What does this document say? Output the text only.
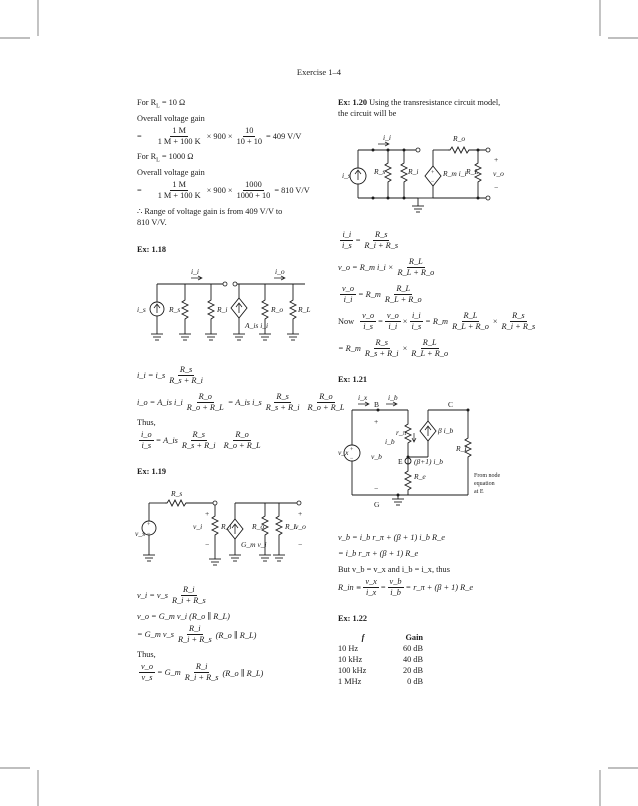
Exercise 1–4
For $R_L = 10$ Ω
Overall voltage gain
= $\frac{1 M}{1 M + 100 K} \times 900 \times \frac{10}{10 + 10} = 409$ V/V
For $R_L = 1000$ Ω
Overall voltage gain
= $\frac{1 M}{1 M + 100 K} \times 900 \times \frac{1000}{1000 + 10} = 810$ V/V
∴ Range of voltage gain is from 409 V/V to
810 V/V.
Ex: 1.18
i_i	i_o
i_s	R_s	R_i	R_o R_L
A_is i_i
i_i = i_s $\frac{R\_s}{R\_s + R\_i}$
i_o = A_is i_i $\frac{R\_o}{R\_o + R\_L}$ = A_is i_s $\frac{R\_s}{R\_s + R\_i} \frac{R\_o}{R\_o + R\_L}$
Thus,
$\frac{i\_o}{i\_s}$ = A_is $\frac{R\_s}{R\_s + R\_i} \frac{R\_o}{R\_o + R\_L}$
Ex: 1.19
+
−
R_s
v_s
+
v_i
−
R_i	R_o	R_L
+
v_o
−
G_m v_i
v_i = v_s $\frac{R\_i}{R\_i + R\_s}$
v_o = G_m v_i (R_o ∥ R_L)
= G_m v_s $\frac{R\_i}{R\_i + R\_s}$ (R_o ∥ R_L)
Thus,
$\frac{v\_o}{v\_s}$ = G_m $\frac{R\_i}{R\_i + R\_s}$ (R_o ∥ R_L)
Ex: 1.20 Using the transresistance circuit model,
the circuit will be
i_i
i_s	R_s	R_i
R_o
R_L
R_m i_i
+
−
+
v_o
−
$\frac{i\_i}{i\_s} = \frac{R\_s}{R\_i + R\_s}$
v_o = R_m i_i × $\frac{R\_L}{R\_L + R\_o}$
$\frac{v\_o}{i\_i}$ = R_m $\frac{R\_L}{R\_L + R\_o}$
Now $\frac{v\_o}{i\_s} = \frac{v\_o}{i\_i} \times \frac{i\_i}{i\_s}$ = R_m $\frac{R\_L}{R\_L + R\_o} \times \frac{R\_s}{R\_i + R\_s}$
= R_m $\frac{R\_s}{R\_s + R\_i} \times \frac{R\_L}{R\_L + R\_o}$
Ex: 1.21
i_x
B
i_b
C
+
r_π	β i_b
i_b
v_x +
− v_b
E (β+1) i_b
R_e
R_L
−
G
From node
equation
at E
v_b = i_b r_π + (β + 1) i_b R_e
= i_b r_π + (β + 1) R_e
But v_b = v_x and i_b = i_x, thus
R_in ≡ $\frac{v\_x}{i\_x} = \frac{v\_b}{i\_b}$ = r_π + (β + 1) R_e
Ex: 1.22
f	Gain
10 Hz	60 dB
10 kHz	40 dB
100 kHz	20 dB
1 MHz	0 dB
